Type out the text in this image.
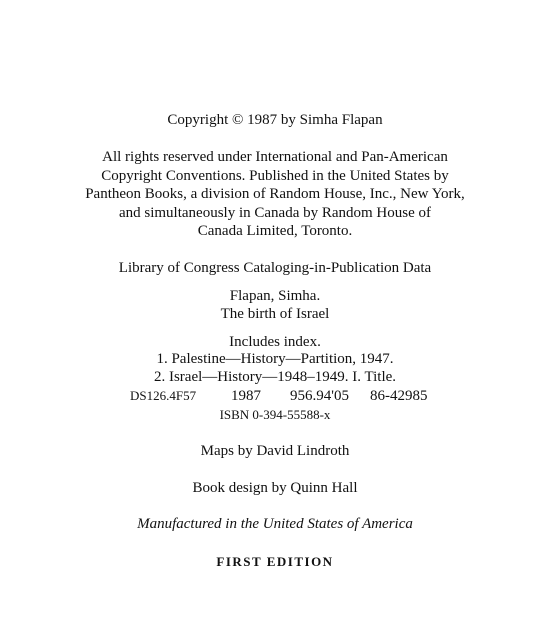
Copyright © 1987 by Simha Flapan
All rights reserved under International and Pan-American
Copyright Conventions. Published in the United States by
Pantheon Books, a division of Random House, Inc., New York,
and simultaneously in Canada by Random House of
Canada Limited, Toronto.
Library of Congress Cataloging-in-Publication Data
Flapan, Simha.
The birth of Israel
Includes index.
1. Palestine—History—Partition, 1947.
2. Israel—History—1948–1949. I. Title.
DS126.4F57 1987 956.94'05 86-42985
ISBN 0-394-55588-x
Maps by David Lindroth
Book design by Quinn Hall
Manufactured in the United States of America
FIRST EDITION
